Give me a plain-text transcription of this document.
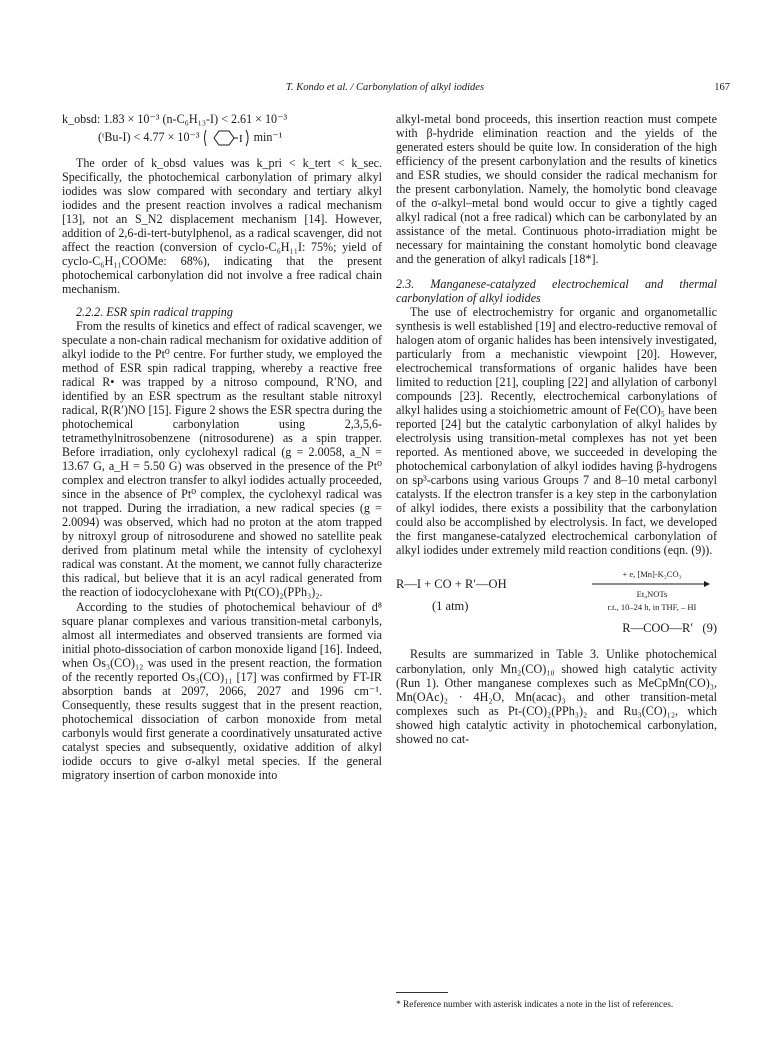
T. Kondo et al. / Carbonylation of alkyl iodides	167

k_obsd: 1.83 × 10⁻³ (n-C₆H₁₃-I) < 2.61 × 10⁻³

(ᵗBu-I) < 4.77 × 10⁻³	I min⁻¹

The order of k_obsd values was k_pri < k_tert < k_sec. Specifically, the photochemical carbonylation of primary alkyl iodides was slow compared with secondary and tertiary alkyl iodides and the present reaction involves a radical mechanism [13], not an S_N2 displacement mechanism [14]. However, addition of 2,6-di-tert-butylphenol, as a radical scavenger, did not affect the reaction (conversion of cyclo-C₆H₁₁I: 75%; yield of cyclo-C₆H₁₁COOMe: 68%), indicating that the present photochemical carbonylation did not involve a free radical chain mechanism.

2.2.2. ESR spin radical trapping

From the results of kinetics and effect of radical scavenger, we speculate a non-chain radical mechanism for oxidative addition of alkyl iodide to the Pt⁰ centre. For further study, we employed the method of ESR spin radical trapping, whereby a reactive free radical R• was trapped by a nitroso compound, R′NO, and identified by an ESR spectrum as the resultant stable nitroxyl radical, R(R′)NO [15]. Figure 2 shows the ESR spectra during the photochemical carbonylation using 2,3,5,6-tetramethylnitrosobenzene (nitrosodurene) as a spin trapper. Before irradiation, only cyclohexyl radical (g = 2.0058, a_N = 13.67 G, a_H = 5.50 G) was observed in the presence of the Pt⁰ complex and electron transfer to alkyl iodides actually proceeded, since in the absence of Pt⁰ complex, the cyclohexyl radical was not trapped. During the irradiation, a new radical species (g = 2.0094) was observed, which had no proton at the atom trapped by nitroxyl group of nitrosodurene and showed no satellite peak derived from platinum metal while the intensity of cyclohexyl radical was constant. At the moment, we cannot fully characterize this radical, but believe that it is an acyl radical generated from the reaction of iodocyclohexane with Pt(CO)₂(PPh₃)₂.

According to the studies of photochemical behaviour of d⁸ square planar complexes and various transition-metal carbonyls, almost all intermediates and observed transients are formed via initial photo-dissociation of carbon monoxide ligand [16]. Indeed, when Os₃(CO)₁₂ was used in the present reaction, the formation of the recently reported Os₃(CO)₁₁ [17] was confirmed by FT-IR absorption bands at 2097, 2066, 2027 and 1996 cm⁻¹. Consequently, these results suggest that in the present reaction, photochemical dissociation of carbon monoxide from metal carbonyls would first generate a coordinatively unsaturated active catalyst species and subsequently, oxidative addition of alkyl iodide occurs to give σ-alkyl metal species. If the general migratory insertion of carbon monoxide into

alkyl-metal bond proceeds, this insertion reaction must compete with β-hydride elimination reaction and the yields of the generated esters should be quite low. In consideration of the high efficiency of the present carbonylation and the results of kinetics and ESR studies, we should consider the radical mechanism for the present carbonylation. Namely, the homolytic bond cleavage of the σ-alkyl–metal bond would occur to give a tightly caged alkyl radical (not a free radical) which can be carbonylated by an assistance of the metal. Continuous photo-irradiation might be necessary for maintaining the constant homolytic bond cleavage and the generation of alkyl radicals [18*].

2.3. Manganese-catalyzed electrochemical and thermal carbonylation of alkyl iodides

The use of electrochemistry for organic and organometallic synthesis is well established [19] and electro-reductive removal of halogen atom of organic halides has been intensively investigated, particularly from a mechanistic viewpoint [20]. However, electrochemical transformations of organic halides have been limited to reduction [21], coupling [22] and allylation of carbonyl compounds [23]. Recently, electrochemical carbonylations of alkyl halides using a stoichiometric amount of Fe(CO)₅ have been reported [24] but the catalytic carbonylation of alkyl halides by electrolysis using transition-metal complexes has not yet been reported. As mentioned above, we succeeded in developing the photochemical carbonylation of alkyl iodides having β-hydrogens on sp³-carbons using various Groups 7 and 8–10 metal carbonyl catalysts. If the electron transfer is a key step in the carbonylation of alkyl iodides, there exists a possibility that the carbonylation could also be accomplished by electrolysis. In fact, we developed the first manganese-catalyzed electrochemical carbonylation of alkyl iodides under extremely mild reaction conditions (eqn. (9)).

R—I + CO + R′—OH
(1 atm)
+ e, [Mn]-K₂CO₃
Et₄NOTs
r.t., 10–24 h, in THF, – HI
R—COO—R′ (9)

Results are summarized in Table 3. Unlike photochemical carbonylation, only Mn₂(CO)₁₀ showed high catalytic activity (Run 1). Other manganese complexes such as MeCpMn(CO)₃, Mn(OAc)₂ · 4H₂O, Mn(acac)₃ and other transition-metal complexes such as Pt-(CO)₂(PPh₃)₂ and Ru₃(CO)₁₂, which showed high catalytic activity in photochemical carbonylation, showed no cat-

* Reference number with asterisk indicates a note in the list of references.
